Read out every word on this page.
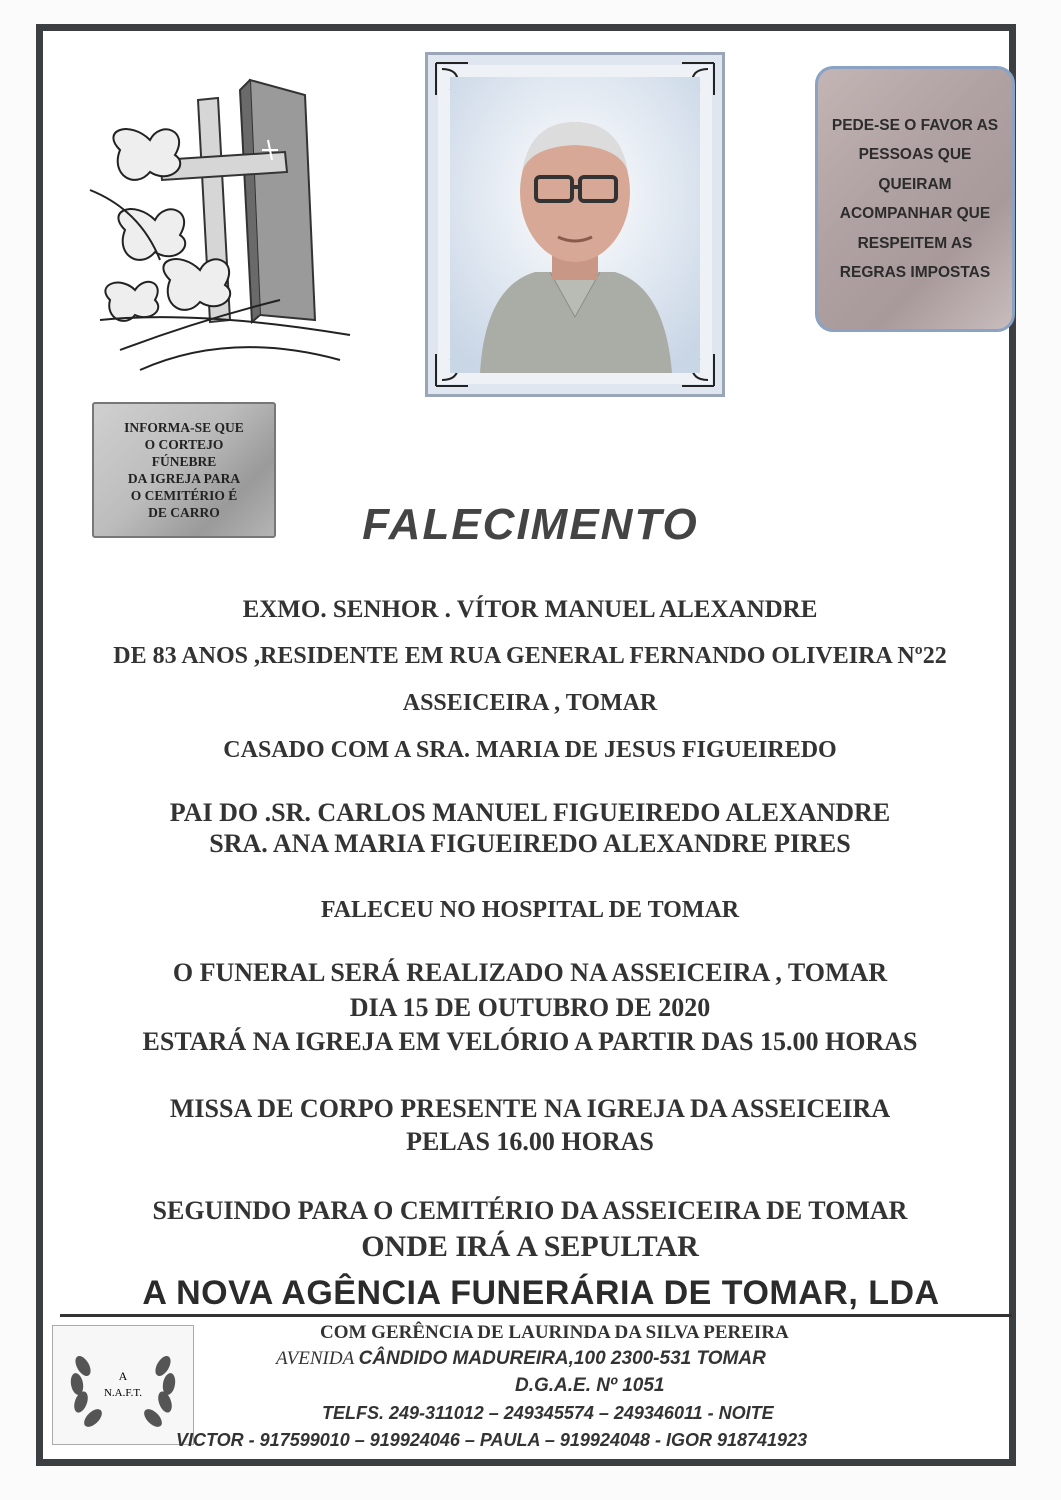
PEDE-SE O FAVOR AS
PESSOAS QUE
QUEIRAM
ACOMPANHAR QUE
RESPEITEM AS
REGRAS IMPOSTAS
INFORMA-SE QUE
O CORTEJO
FÚNEBRE
DA IGREJA PARA
O CEMITÉRIO É
DE CARRO	FALECIMENTO
EXMO. SENHOR . VÍTOR MANUEL ALEXANDRE
DE 83 ANOS ,RESIDENTE EM RUA GENERAL FERNANDO OLIVEIRA Nº22
ASSEICEIRA , TOMAR
CASADO COM A SRA. MARIA DE JESUS FIGUEIREDO
PAI DO .SR. CARLOS MANUEL FIGUEIREDO ALEXANDRE
SRA. ANA MARIA FIGUEIREDO ALEXANDRE PIRES
FALECEU NO HOSPITAL DE TOMAR
O FUNERAL SERÁ REALIZADO NA ASSEICEIRA , TOMAR
DIA 15 DE OUTUBRO DE 2020
ESTARÁ NA IGREJA EM VELÓRIO A PARTIR DAS 15.00 HORAS
MISSA DE CORPO PRESENTE NA IGREJA DA ASSEICEIRA
PELAS 16.00 HORAS
SEGUINDO PARA O CEMITÉRIO DA ASSEICEIRA DE TOMAR
ONDE IRÁ A SEPULTAR
A NOVA AGÊNCIA FUNERÁRIA DE TOMAR, LDA
A
N.A.F.T.
COM GERÊNCIA DE LAURINDA DA SILVA PEREIRA
AVENIDA CÂNDIDO MADUREIRA,100 2300-531 TOMAR
D.G.A.E. Nº 1051
TELFS. 249-311012 – 249345574 – 249346011 - NOITE
VICTOR - 917599010 – 919924046 – PAULA – 919924048 - IGOR 918741923
